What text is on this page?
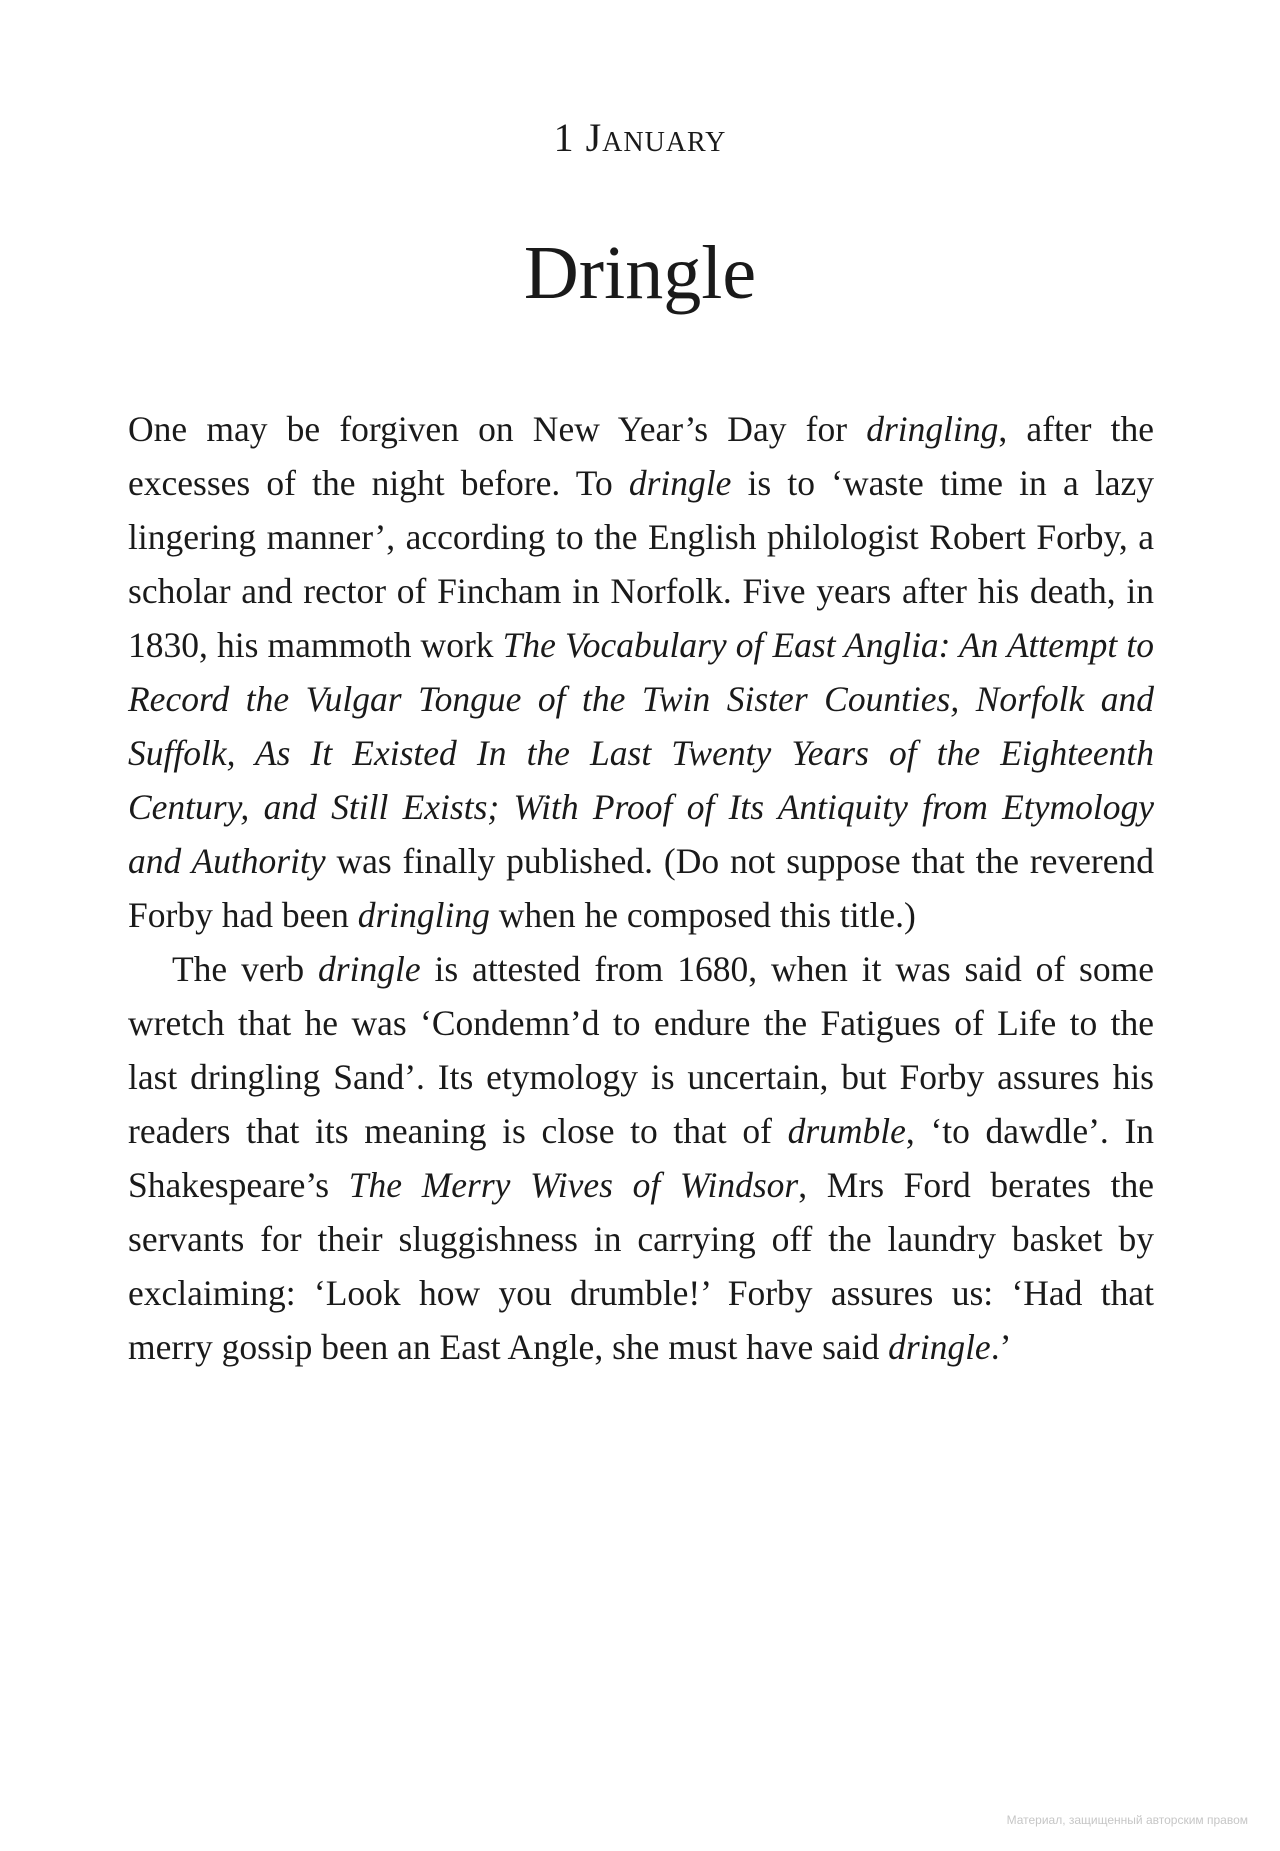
1 January
Dringle

One may be forgiven on New Year’s Day for dringling, after the excesses of the night before. To dringle is to ‘waste time in a lazy lingering manner’, according to the English philologist Robert Forby, a scholar and rector of Fincham in Norfolk. Five years after his death, in 1830, his mammoth work The Vocabulary of East Anglia: An Attempt to Record the Vulgar Tongue of the Twin Sister Counties, Norfolk and Suffolk, As It Existed In the Last Twenty Years of the Eighteenth Century, and Still Exists; With Proof of Its Antiquity from Etymology and Authority was finally published. (Do not suppose that the reverend Forby had been dringling when he composed this title.)

The verb dringle is attested from 1680, when it was said of some wretch that he was ‘Condemn’d to endure the Fatigues of Life to the last dringling Sand’. Its etymology is uncertain, but Forby assures his readers that its meaning is close to that of drumble, ‘to dawdle’. In Shakespeare’s The Merry Wives of Windsor, Mrs Ford berates the servants for their sluggishness in carrying off the laundry basket by exclaiming: ‘Look how you drumble!’ Forby assures us: ‘Had that merry gossip been an East Angle, she must have said dringle.’

Материал, защищенный авторским правом
